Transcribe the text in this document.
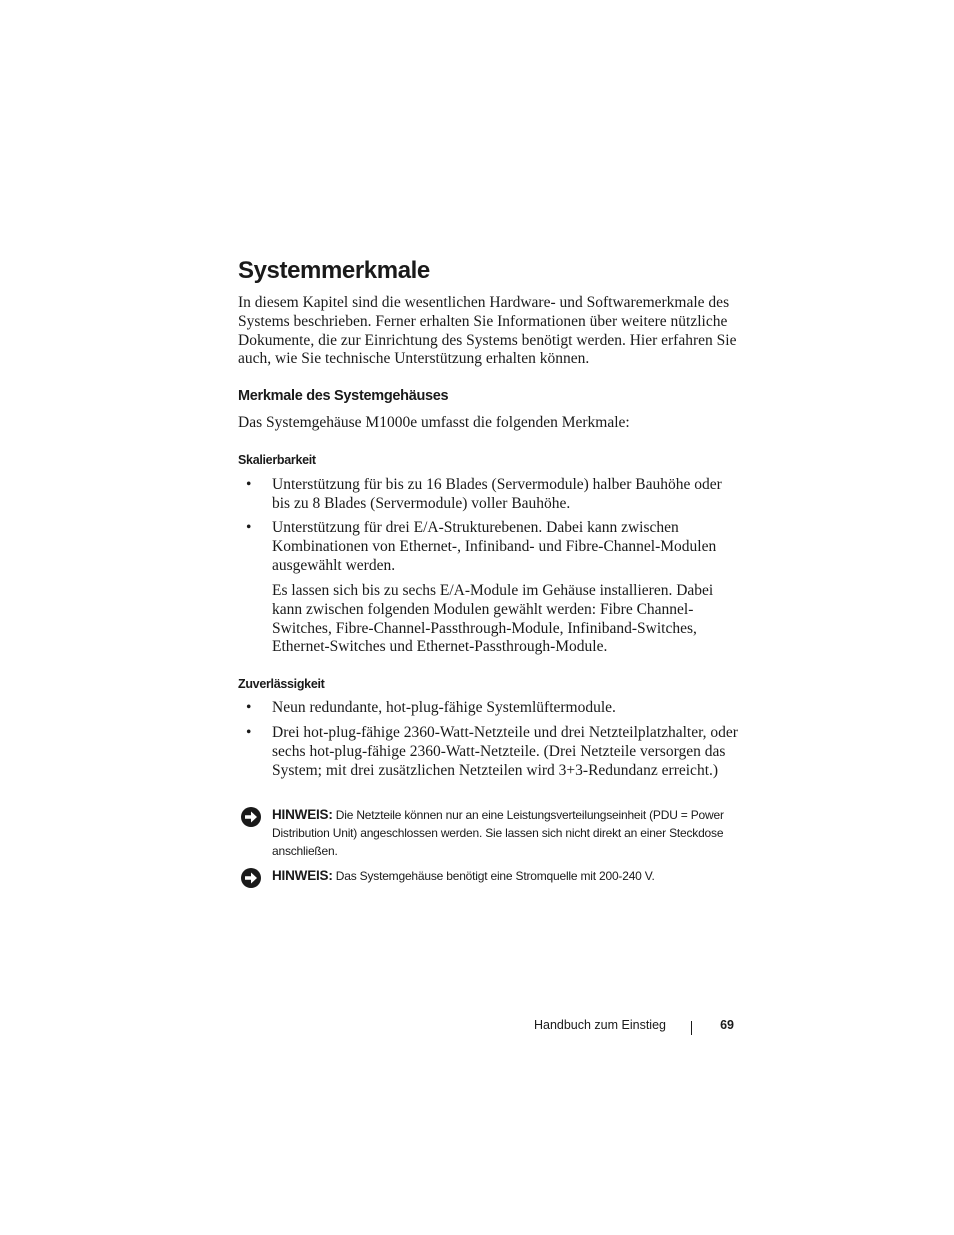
Systemmerkmale

In diesem Kapitel sind die wesentlichen Hardware- und Softwaremerkmale des Systems beschrieben. Ferner erhalten Sie Informationen über weitere nützliche Dokumente, die zur Einrichtung des Systems benötigt werden. Hier erfahren Sie auch, wie Sie technische Unterstützung erhalten können.

Merkmale des Systemgehäuses

Das Systemgehäuse M1000e umfasst die folgenden Merkmale:

Skalierbarkeit
• Unterstützung für bis zu 16 Blades (Servermodule) halber Bauhöhe oder bis zu 8 Blades (Servermodule) voller Bauhöhe.

• Unterstützung für drei E/A-Strukturebenen. Dabei kann zwischen Kombinationen von Ethernet-, Infiniband- und Fibre-Channel-Modulen ausgewählt werden.

Es lassen sich bis zu sechs E/A-Module im Gehäuse installieren. Dabei kann zwischen folgenden Modulen gewählt werden: Fibre Channel-Switches, Fibre-Channel-Passthrough-Module, Infiniband-Switches, Ethernet-Switches und Ethernet-Passthrough-Module.

Zuverlässigkeit
• Neun redundante, hot-plug-fähige Systemlüftermodule.

• Drei hot-plug-fähige 2360-Watt-Netzteile und drei Netzteilplatzhalter, oder sechs hot-plug-fähige 2360-Watt-Netzteile. (Drei Netzteile versorgen das System; mit drei zusätzlichen Netzteilen wird 3+3-Redundanz erreicht.)

HINWEIS: Die Netzteile können nur an eine Leistungsverteilungseinheit (PDU = Power Distribution Unit) angeschlossen werden. Sie lassen sich nicht direkt an einer Steckdose anschließen.

HINWEIS: Das Systemgehäuse benötigt eine Stromquelle mit 200-240 V.

Handbuch zum Einstieg	69
